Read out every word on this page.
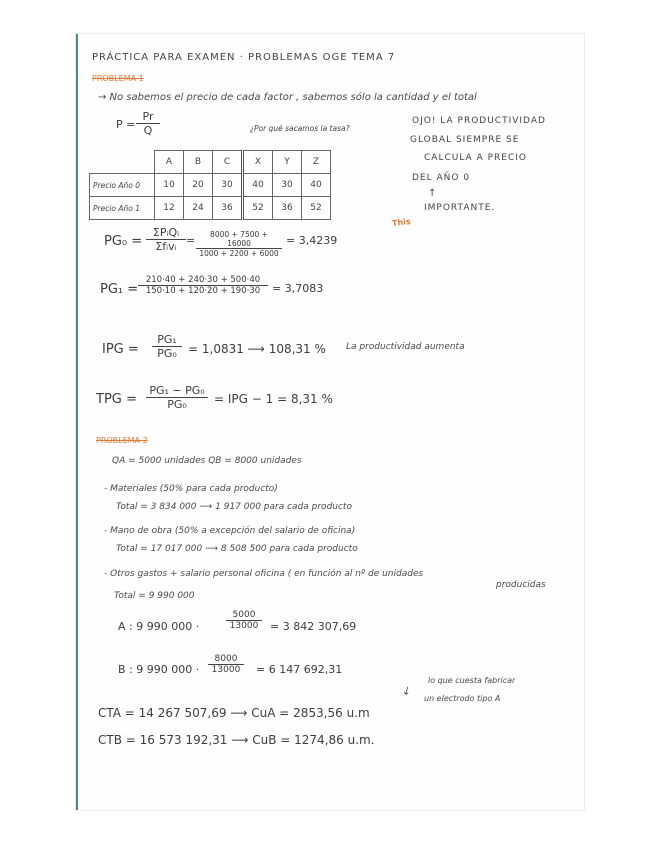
PRÁCTICA PARA EXAMEN · PROBLEMAS OGE TEMA 7
PROBLEMA 1
→ No sabemos el precio de cada factor , sabemos sólo la cantidad y el total
$P = \frac{Pr}{Q}$	¿Por qué sacamos la tasa?
OJO! LA PRODUCTIVIDAD
GLOBAL SIEMPRE SE
CALCULA A PRECIO
DEL AÑO 0
↑
IMPORTANTE.
This
	A	B	C	X	Y	Z
Precio Año 0	10	20	30	40	30	40
Precio Año 1	12	24	36	52	36	52
PG₀ =
ΣPᵢQᵢ
Σfᵢvᵢ = $\frac{8000 + 7500 + 16000}{1000 + 2200 + 6000} = 3,4239$
$PG_1 = \frac{210\cdot 40 + 240\cdot 30 + 500\cdot 40}{150\cdot 10 + 120\cdot 20 + 190\cdot 30} = 3,7083$
IPG = $\frac{\text{PG₁}}{\text{PG₀}} = 1,0831$ ⟶ 108,31 % La productividad aumenta
TPG = $\frac{\text{PG₁ − PG₀}}{\text{PG₀}}$ = IPG − 1 = 8,31 %
PROBLEMA 2
QA = 5000 unidades QB = 8000 unidades
- Materiales (50% para cada producto)
Total = 3 834 000 ⟶ 1 917 000 para cada producto
- Mano de obra (50% a excepción del salario de oficina)
Total = 17 017 000 ⟶ 8 508 500 para cada producto
- Otros gastos + salario personal oficina ( en función al nº de unidades
producidas
Total = 9 990 000
A : 9 990 000 ·	$\frac{5000}{13000} = 3$ 842 307,69
B : 9 990 $000 \cdot \frac{8000}{13000} = 6$ 147 692,31
lo que cuesta fabricar
un electrodo tipo A
↙
CTA = 14 267 507,69 ⟶ CuA = 2853,56 u.m
CTB = 16 573 192,31 ⟶ CuB = 1274,86 u.m.
